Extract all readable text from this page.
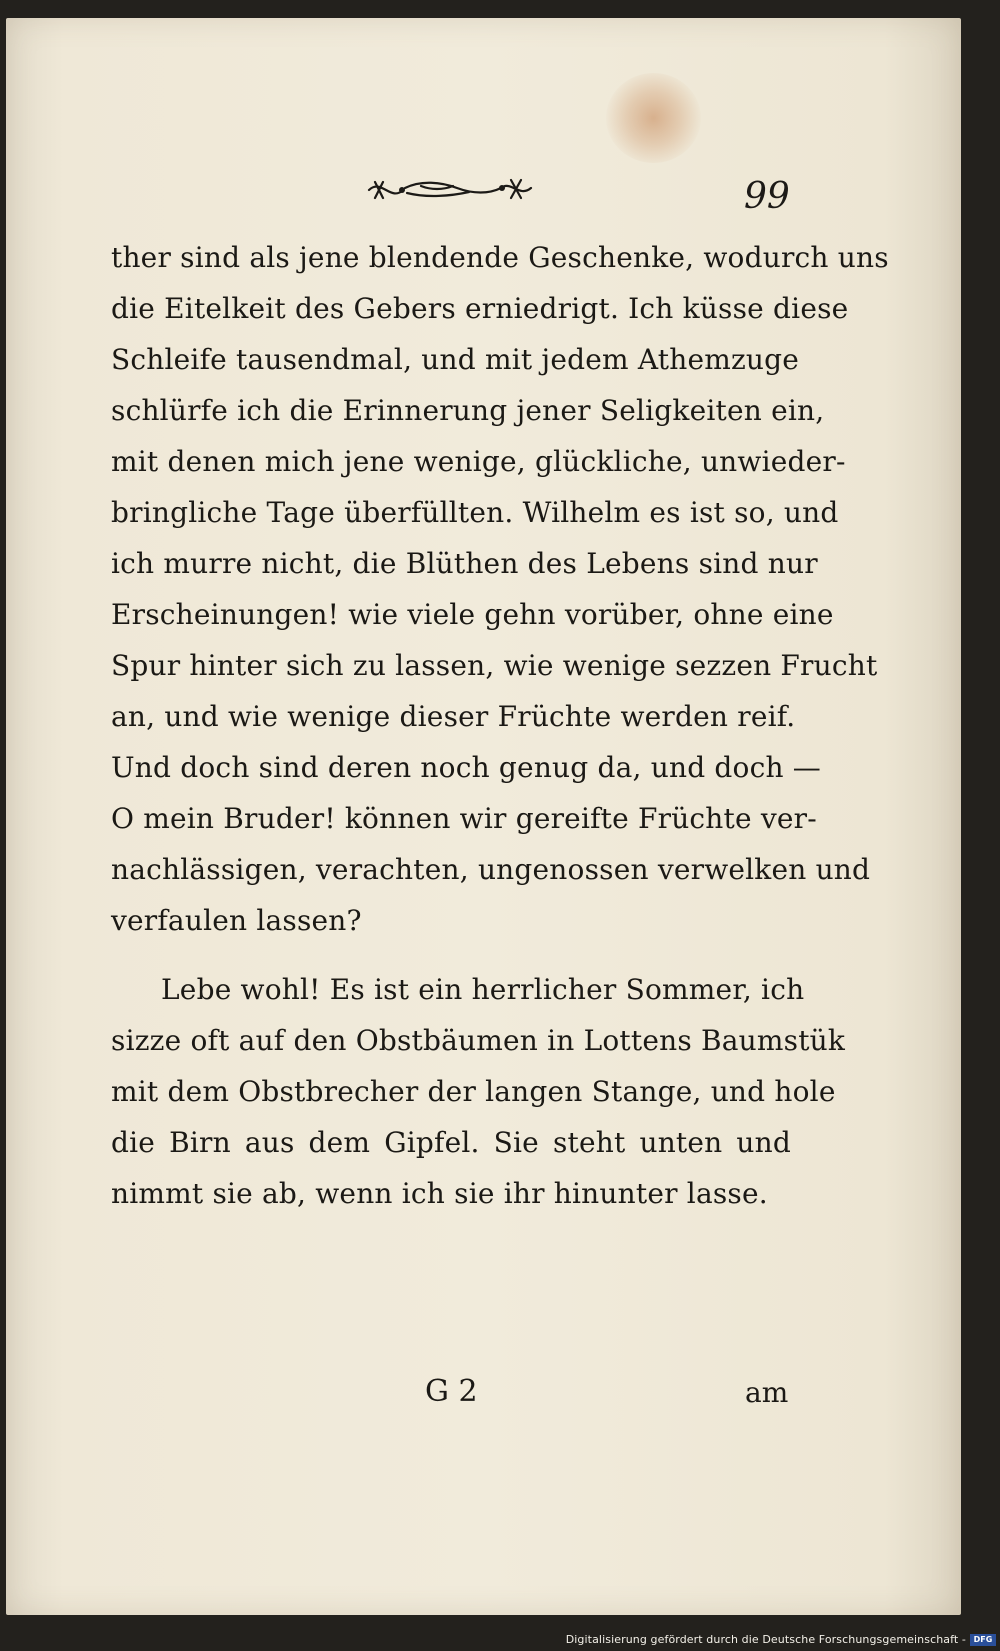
99
ther sind als jene blendende Geschenke, wodurch uns
die Eitelkeit des Gebers erniedrigt. Ich küsse diese
Schleife tausendmal, und mit jedem Athemzuge
schlürfe ich die Erinnerung jener Seligkeiten ein,
mit denen mich jene wenige, glückliche, unwieder-
bringliche Tage überfüllten. Wilhelm es ist so, und
ich murre nicht, die Blüthen des Lebens sind nur
Erscheinungen! wie viele gehn vorüber, ohne eine
Spur hinter sich zu lassen, wie wenige sezzen Frucht
an, und wie wenige dieser Früchte werden reif.
Und doch sind deren noch genug da, und doch —
O mein Bruder! können wir gereifte Früchte ver-
nachlässigen, verachten, ungenossen verwelken und
verfaulen lassen?
Lebe wohl! Es ist ein herrlicher Sommer, ich
sizze oft auf den Obstbäumen in Lottens Baumstük
mit dem Obstbrecher der langen Stange, und hole
die Birn aus dem Gipfel. Sie steht unten und
nimmt sie ab, wenn ich sie ihr hinunter lasse.
G 2	am
Digitalisierung gefördert durch die Deutsche Forschungsgemeinschaft - DFG
